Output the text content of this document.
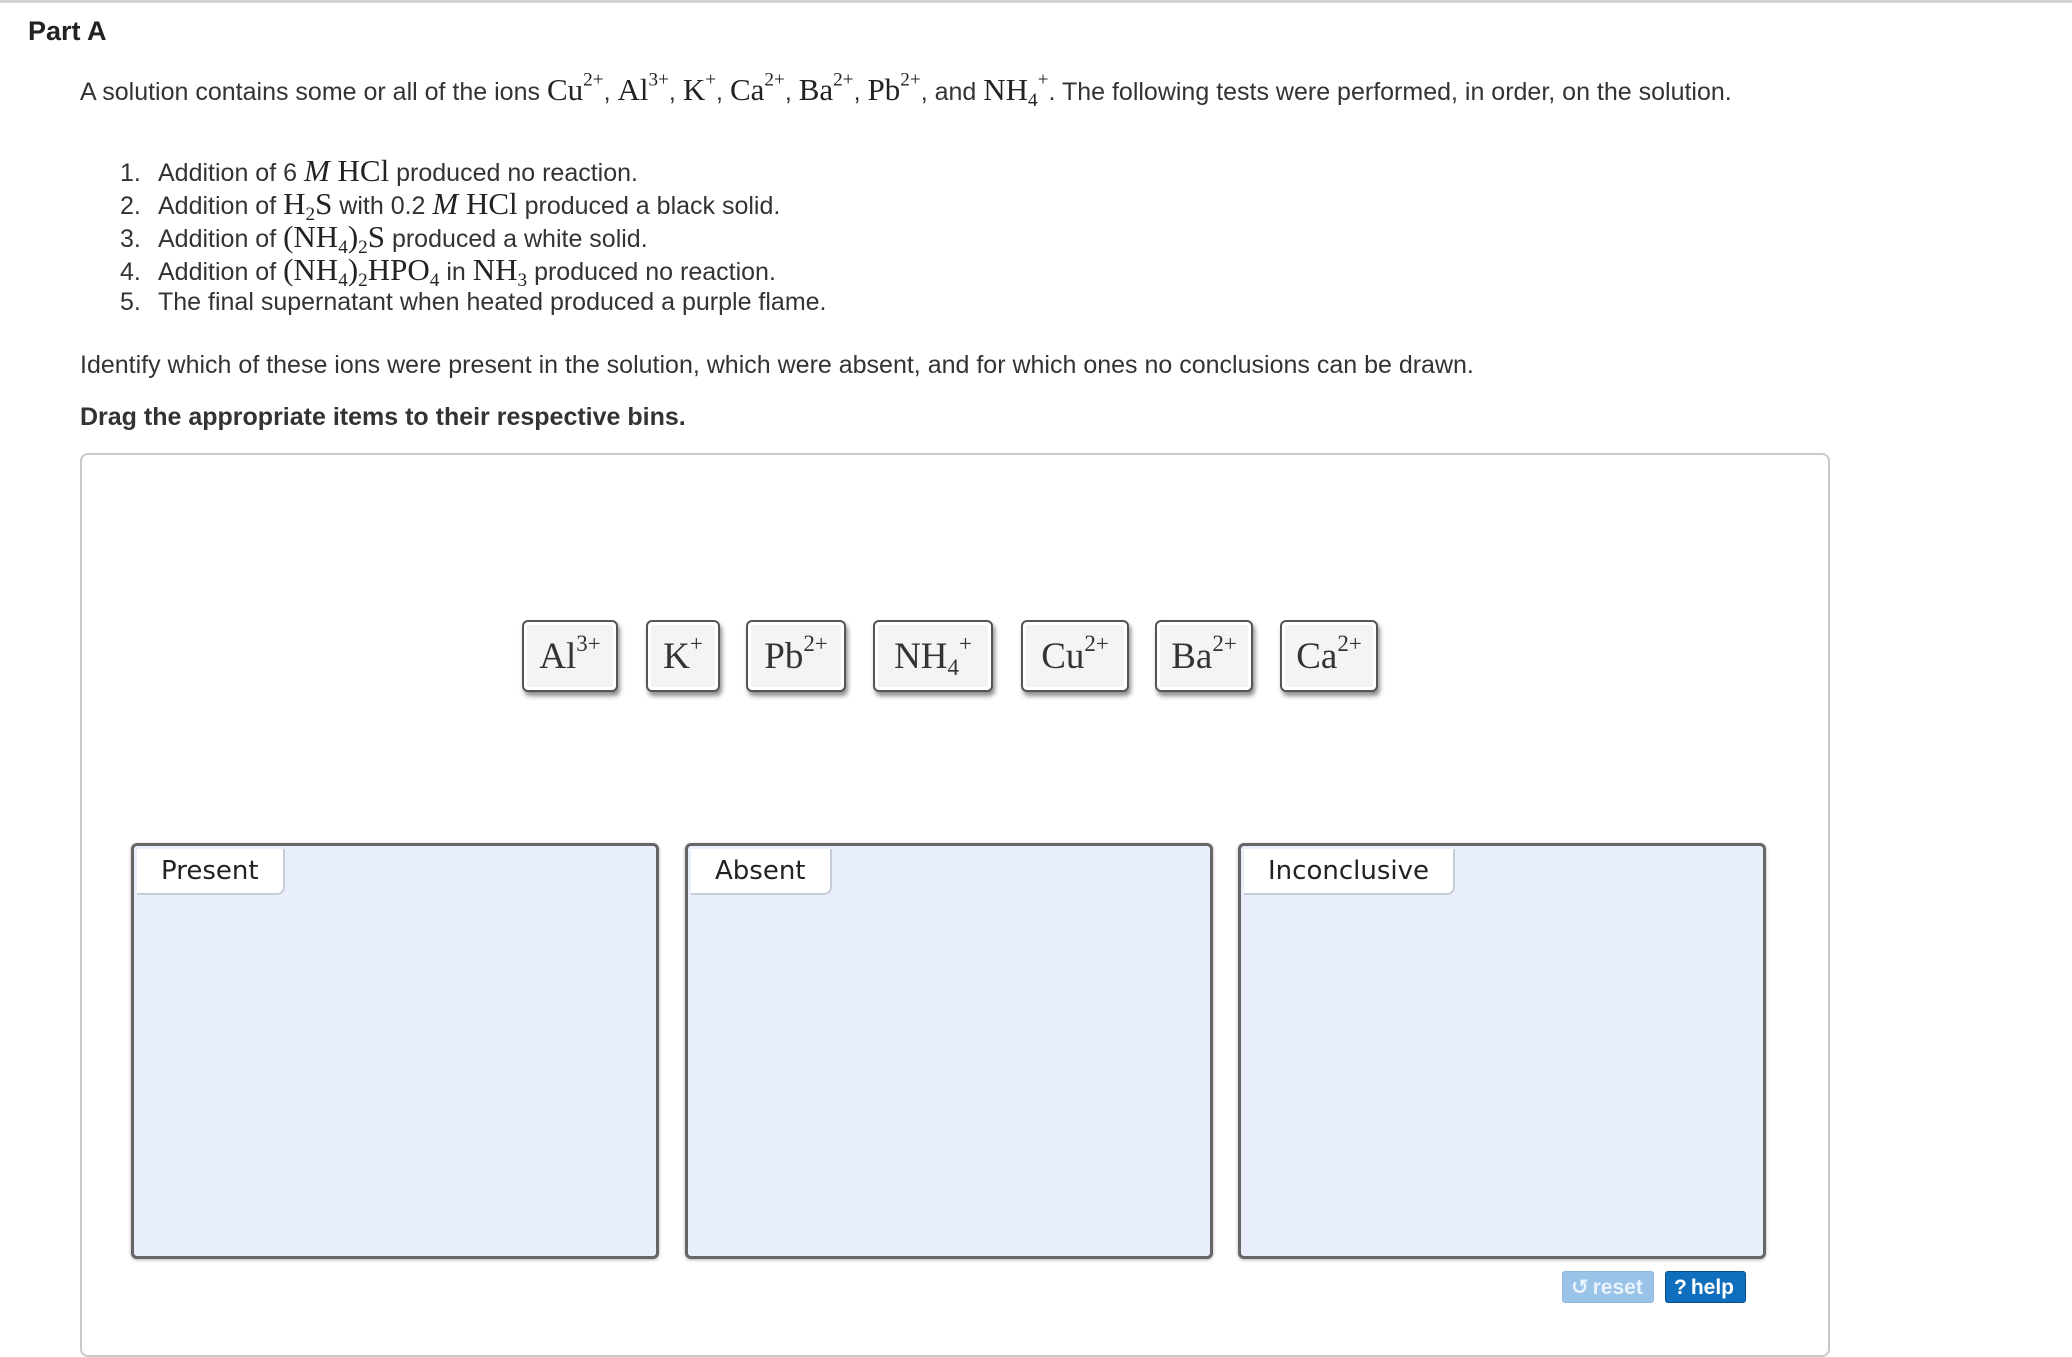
Part A
A solution contains some or all of the ions $Cu^{2+}$, $Al^{3+}$, K+, $Ca^{2+}$, $Ba^{2+}$, $Pb^{2+}$, and $NH_4^+$. The following tests were performed, in order, on the solution.
1. Addition of 6 M HCl produced no reaction.
2. Addition of $H_2S$ with 0.2 M HCl produced a black solid.
3. Addition of $(NH_4)_2S$ produced a white solid.
4. Addition of $(NH_4)_2HPO_4$ in $NH_3$ produced no reaction.
5. The final supernatant when heated produced a purple flame.
Identify which of these ions were present in the solution, which were absent, and for which ones no conclusions can be drawn.
Drag the appropriate items to their respective bins.
$Al^{3+}$ K+ $Pb^{2+}$ $NH_4^+$ $Cu^{2+}$ $Ba^{2+}$ $Ca^{2+}$
Present	Absent	Inconclusive
↺ reset	? help
